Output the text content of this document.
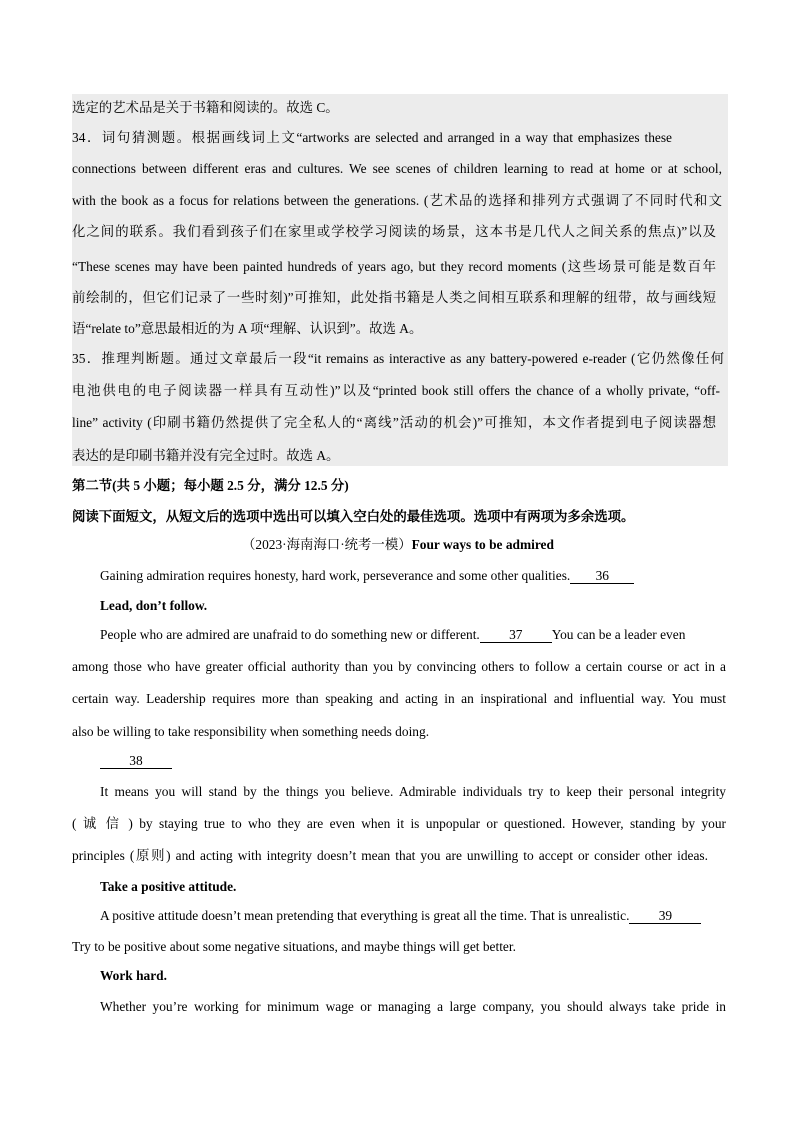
选定的艺术品是关于书籍和阅读的。故选 C。
34．词句猜测题。根据画线词上文“artworks are selected and arranged in a way that emphasizes these
connections between different eras and cultures. We see scenes of children learning to read at home or at school,
with the book as a focus for relations between the generations. (艺术品的选择和排列方式强调了不同时代和文
化之间的联系。我们看到孩子们在家里或学校学习阅读的场景，这本书是几代人之间关系的焦点)”以及
“These scenes may have been painted hundreds of years ago, but they record moments (这些场景可能是数百年
前绘制的，但它们记录了一些时刻)”可推知，此处指书籍是人类之间相互联系和理解的纽带，故与画线短
语“relate to”意思最相近的为 A 项“理解、认识到”。故选 A。
35．推理判断题。通过文章最后一段“it remains as interactive as any battery-powered e-reader (它仍然像任何
电池供电的电子阅读器一样具有互动性)”以及“printed book still offers the chance of a wholly private, “off-
line” activity (印刷书籍仍然提供了完全私人的“离线”活动的机会)”可推知，本文作者提到电子阅读器想
表达的是印刷书籍并没有完全过时。故选 A。
第二节(共 5 小题；每小题 2.5 分，满分 12.5 分)
阅读下面短文，从短文后的选项中选出可以填入空白处的最佳选项。选项中有两项为多余选项。
（2023·海南海口·统考一模）Four ways to be admired
Gaining admiration requires honesty, hard work, perseverance and some other qualities. 36
Lead, don’t follow.
People who are admired are unafraid to do something new or different. 37 You can be a leader even
among those who have greater official authority than you by convincing others to follow a certain course or act in a
certain way. Leadership requires more than speaking and acting in an inspirational and influential way. You must
also be willing to take responsibility when something needs doing.
38
It means you will stand by the things you believe. Admirable individuals try to keep their personal integrity
( 诚 信 ) by staying true to who they are even when it is unpopular or questioned. However, standing by your
principles (原则) and acting with integrity doesn’t mean that you are unwilling to accept or consider other ideas.
Take a positive attitude.
A positive attitude doesn’t mean pretending that everything is great all the time. That is unrealistic. 39
Try to be positive about some negative situations, and maybe things will get better.
Work hard.
Whether you’re working for minimum wage or managing a large company, you should always take pride in
